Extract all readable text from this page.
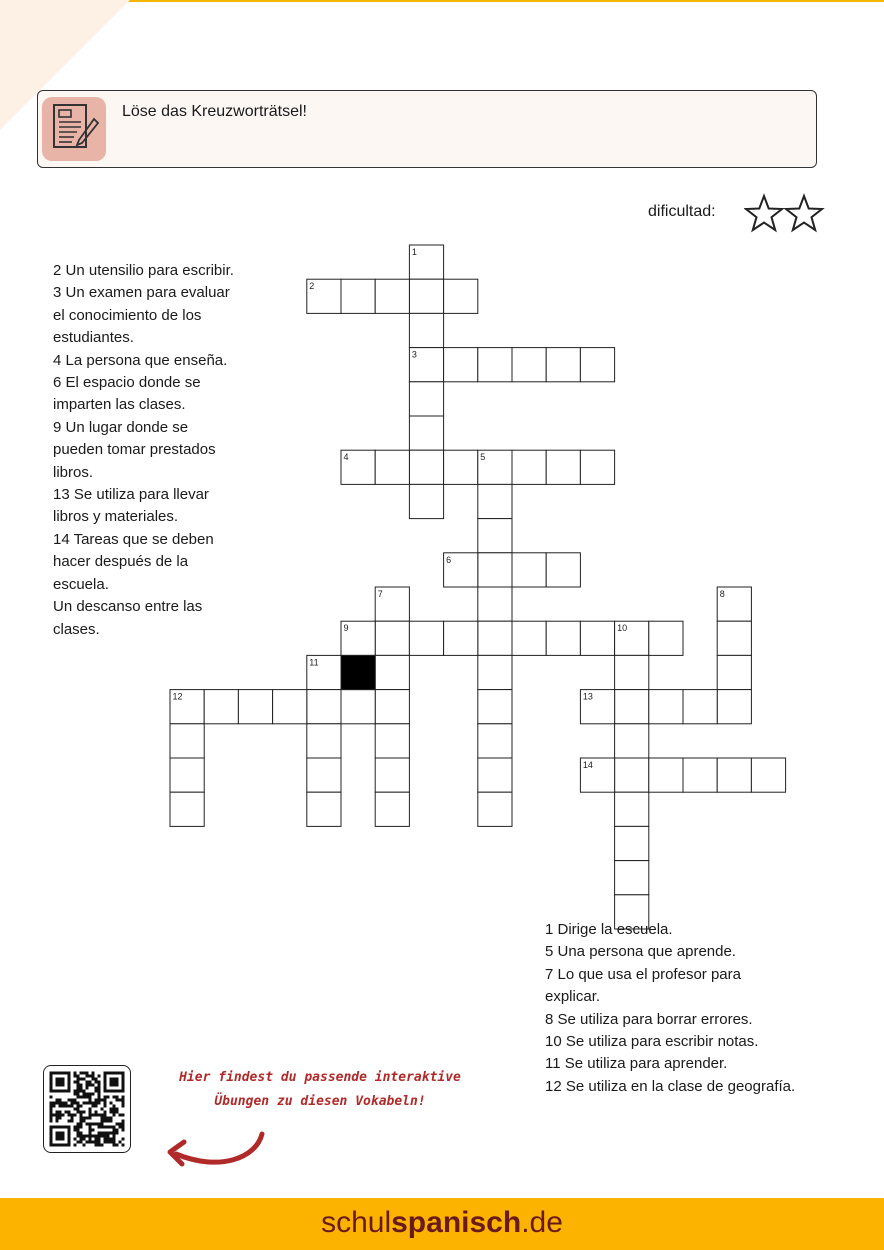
Löse das Kreuzworträtsel!
dificultad:
1
2
3
4	5
6
7	8
9	10
11
12	13
14
2 Un utensilio para escribir.
3 Un examen para evaluar
el conocimiento de los
estudiantes.
4 La persona que enseña.
6 El espacio donde se
imparten las clases.
9 Un lugar donde se
pueden tomar prestados
libros.
13 Se utiliza para llevar
libros y materiales.
14 Tareas que se deben
hacer después de la
escuela.
Un descanso entre las
clases.
1 Dirige la escuela.
5 Una persona que aprende.
7 Lo que usa el profesor para
explicar.
8 Se utiliza para borrar errores.
10 Se utiliza para escribir notas.
11 Se utiliza para aprender.
12 Se utiliza en la clase de geografía.
Hier findest du passende interaktive
Übungen zu diesen Vokabeln!
schulspanisch.de
